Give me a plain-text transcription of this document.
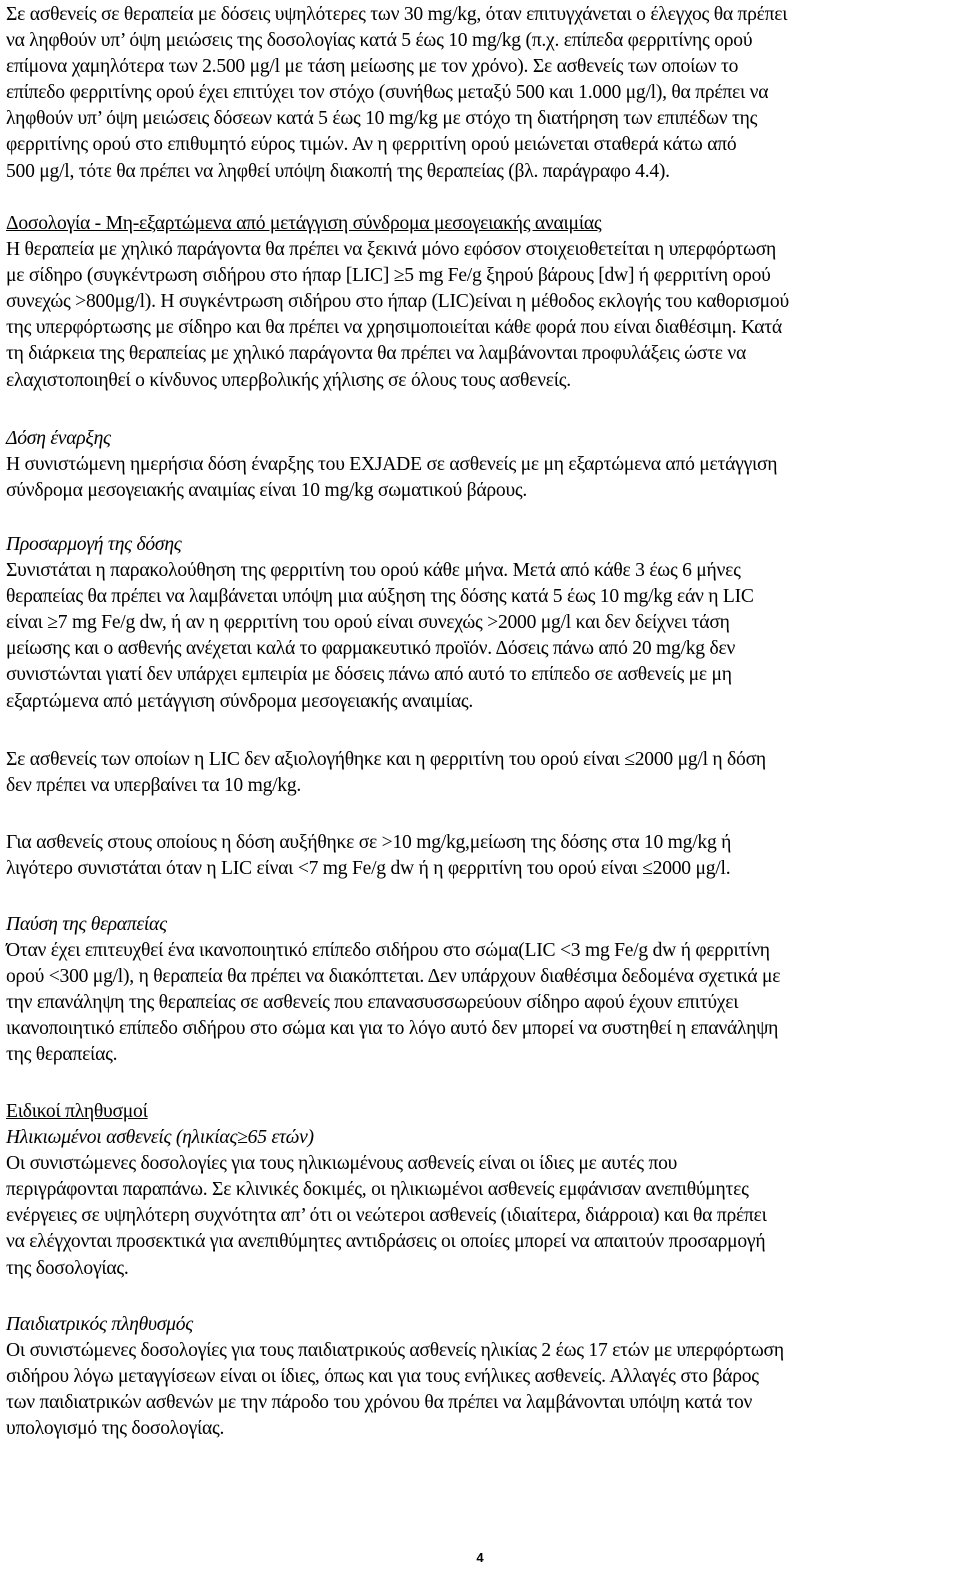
Σε ασθενείς σε θεραπεία με δόσεις υψηλότερες των 30 mg/kg, όταν επιτυγχάνεται ο έλεγχος θα πρέπει
να ληφθούν υπ’ όψη μειώσεις της δοσολογίας κατά 5 έως 10 mg/kg (π.χ. επίπεδα φερριτίνης ορού
επίμονα χαμηλότερα των 2.500 μg/l με τάση μείωσης με τον χρόνο). Σε ασθενείς των οποίων το
επίπεδο φερριτίνης ορού έχει επιτύχει τον στόχο (συνήθως μεταξύ 500 και 1.000 μg/l), θα πρέπει να
ληφθούν υπ’ όψη μειώσεις δόσεων κατά 5 έως 10 mg/kg με στόχο τη διατήρηση των επιπέδων της
φερριτίνης ορού στο επιθυμητό εύρος τιμών. Αν η φερριτίνη ορού μειώνεται σταθερά κάτω από
500 μg/l, τότε θα πρέπει να ληφθεί υπόψη διακοπή της θεραπείας (βλ. παράγραφο 4.4).

Δοσολογία - Μη-εξαρτώμενα από μετάγγιση σύνδρομα μεσογειακής αναιμίας
Η θεραπεία με χηλικό παράγοντα θα πρέπει να ξεκινά μόνο εφόσον στοιχειοθετείται η υπερφόρτωση
με σίδηρο (συγκέντρωση σιδήρου στο ήπαρ [LIC] ≥5 mg Fe/g ξηρού βάρους [dw] ή φερριτίνη ορού
συνεχώς >800μg/l). Η συγκέντρωση σιδήρου στο ήπαρ (LIC)είναι η μέθοδος εκλογής του καθορισμού
της υπερφόρτωσης με σίδηρο και θα πρέπει να χρησιμοποιείται κάθε φορά που είναι διαθέσιμη. Κατά
τη διάρκεια της θεραπείας με χηλικό παράγοντα θα πρέπει να λαμβάνονται προφυλάξεις ώστε να
ελαχιστοποιηθεί ο κίνδυνος υπερβολικής χήλισης σε όλους τους ασθενείς.

Δόση έναρξης
Η συνιστώμενη ημερήσια δόση έναρξης του EXJADE σε ασθενείς με μη εξαρτώμενα από μετάγγιση
σύνδρομα μεσογειακής αναιμίας είναι 10 mg/kg σωματικού βάρους.

Προσαρμογή της δόσης
Συνιστάται η παρακολούθηση της φερριτίνη του ορού κάθε μήνα. Μετά από κάθε 3 έως 6 μήνες
θεραπείας θα πρέπει να λαμβάνεται υπόψη μια αύξηση της δόσης κατά 5 έως 10 mg/kg εάν η LIC
είναι ≥7 mg Fe/g dw, ή αν η φερριτίνη του ορού είναι συνεχώς >2000 μg/l και δεν δείχνει τάση
μείωσης και ο ασθενής ανέχεται καλά το φαρμακευτικό προϊόν. Δόσεις πάνω από 20 mg/kg δεν
συνιστώνται γιατί δεν υπάρχει εμπειρία με δόσεις πάνω από αυτό το επίπεδο σε ασθενείς με μη
εξαρτώμενα από μετάγγιση σύνδρομα μεσογειακής αναιμίας.

Σε ασθενείς των οποίων η LIC δεν αξιολογήθηκε και η φερριτίνη του ορού είναι ≤2000 μg/l η δόση
δεν πρέπει να υπερβαίνει τα 10 mg/kg.

Για ασθενείς στους οποίους η δόση αυξήθηκε σε >10 mg/kg,μείωση της δόσης στα 10 mg/kg ή
λιγότερο συνιστάται όταν η LIC είναι <7 mg Fe/g dw ή η φερριτίνη του ορού είναι ≤2000 μg/l.

Παύση της θεραπείας
Όταν έχει επιτευχθεί ένα ικανοποιητικό επίπεδο σιδήρου στο σώμα(LIC <3 mg Fe/g dw ή φερριτίνη
ορού <300 μg/l), η θεραπεία θα πρέπει να διακόπτεται. Δεν υπάρχουν διαθέσιμα δεδομένα σχετικά με
την επανάληψη της θεραπείας σε ασθενείς που επανασυσσωρεύουν σίδηρο αφού έχουν επιτύχει
ικανοποιητικό επίπεδο σιδήρου στο σώμα και για το λόγο αυτό δεν μπορεί να συστηθεί η επανάληψη
της θεραπείας.

Ειδικοί πληθυσμοί
Ηλικιωμένοι ασθενείς (ηλικίας≥65 ετών)
Οι συνιστώμενες δοσολογίες για τους ηλικιωμένους ασθενείς είναι οι ίδιες με αυτές που
περιγράφονται παραπάνω. Σε κλινικές δοκιμές, οι ηλικιωμένοι ασθενείς εμφάνισαν ανεπιθύμητες
ενέργειες σε υψηλότερη συχνότητα απ’ ότι οι νεώτεροι ασθενείς (ιδιαίτερα, διάρροια) και θα πρέπει
να ελέγχονται προσεκτικά για ανεπιθύμητες αντιδράσεις οι οποίες μπορεί να απαιτούν προσαρμογή
της δοσολογίας.

Παιδιατρικός πληθυσμός
Οι συνιστώμενες δοσολογίες για τους παιδιατρικούς ασθενείς ηλικίας 2 έως 17 ετών με υπερφόρτωση
σιδήρου λόγω μεταγγίσεων είναι οι ίδιες, όπως και για τους ενήλικες ασθενείς. Αλλαγές στο βάρος
των παιδιατρικών ασθενών με την πάροδο του χρόνου θα πρέπει να λαμβάνονται υπόψη κατά τον
υπολογισμό της δοσολογίας.

4
